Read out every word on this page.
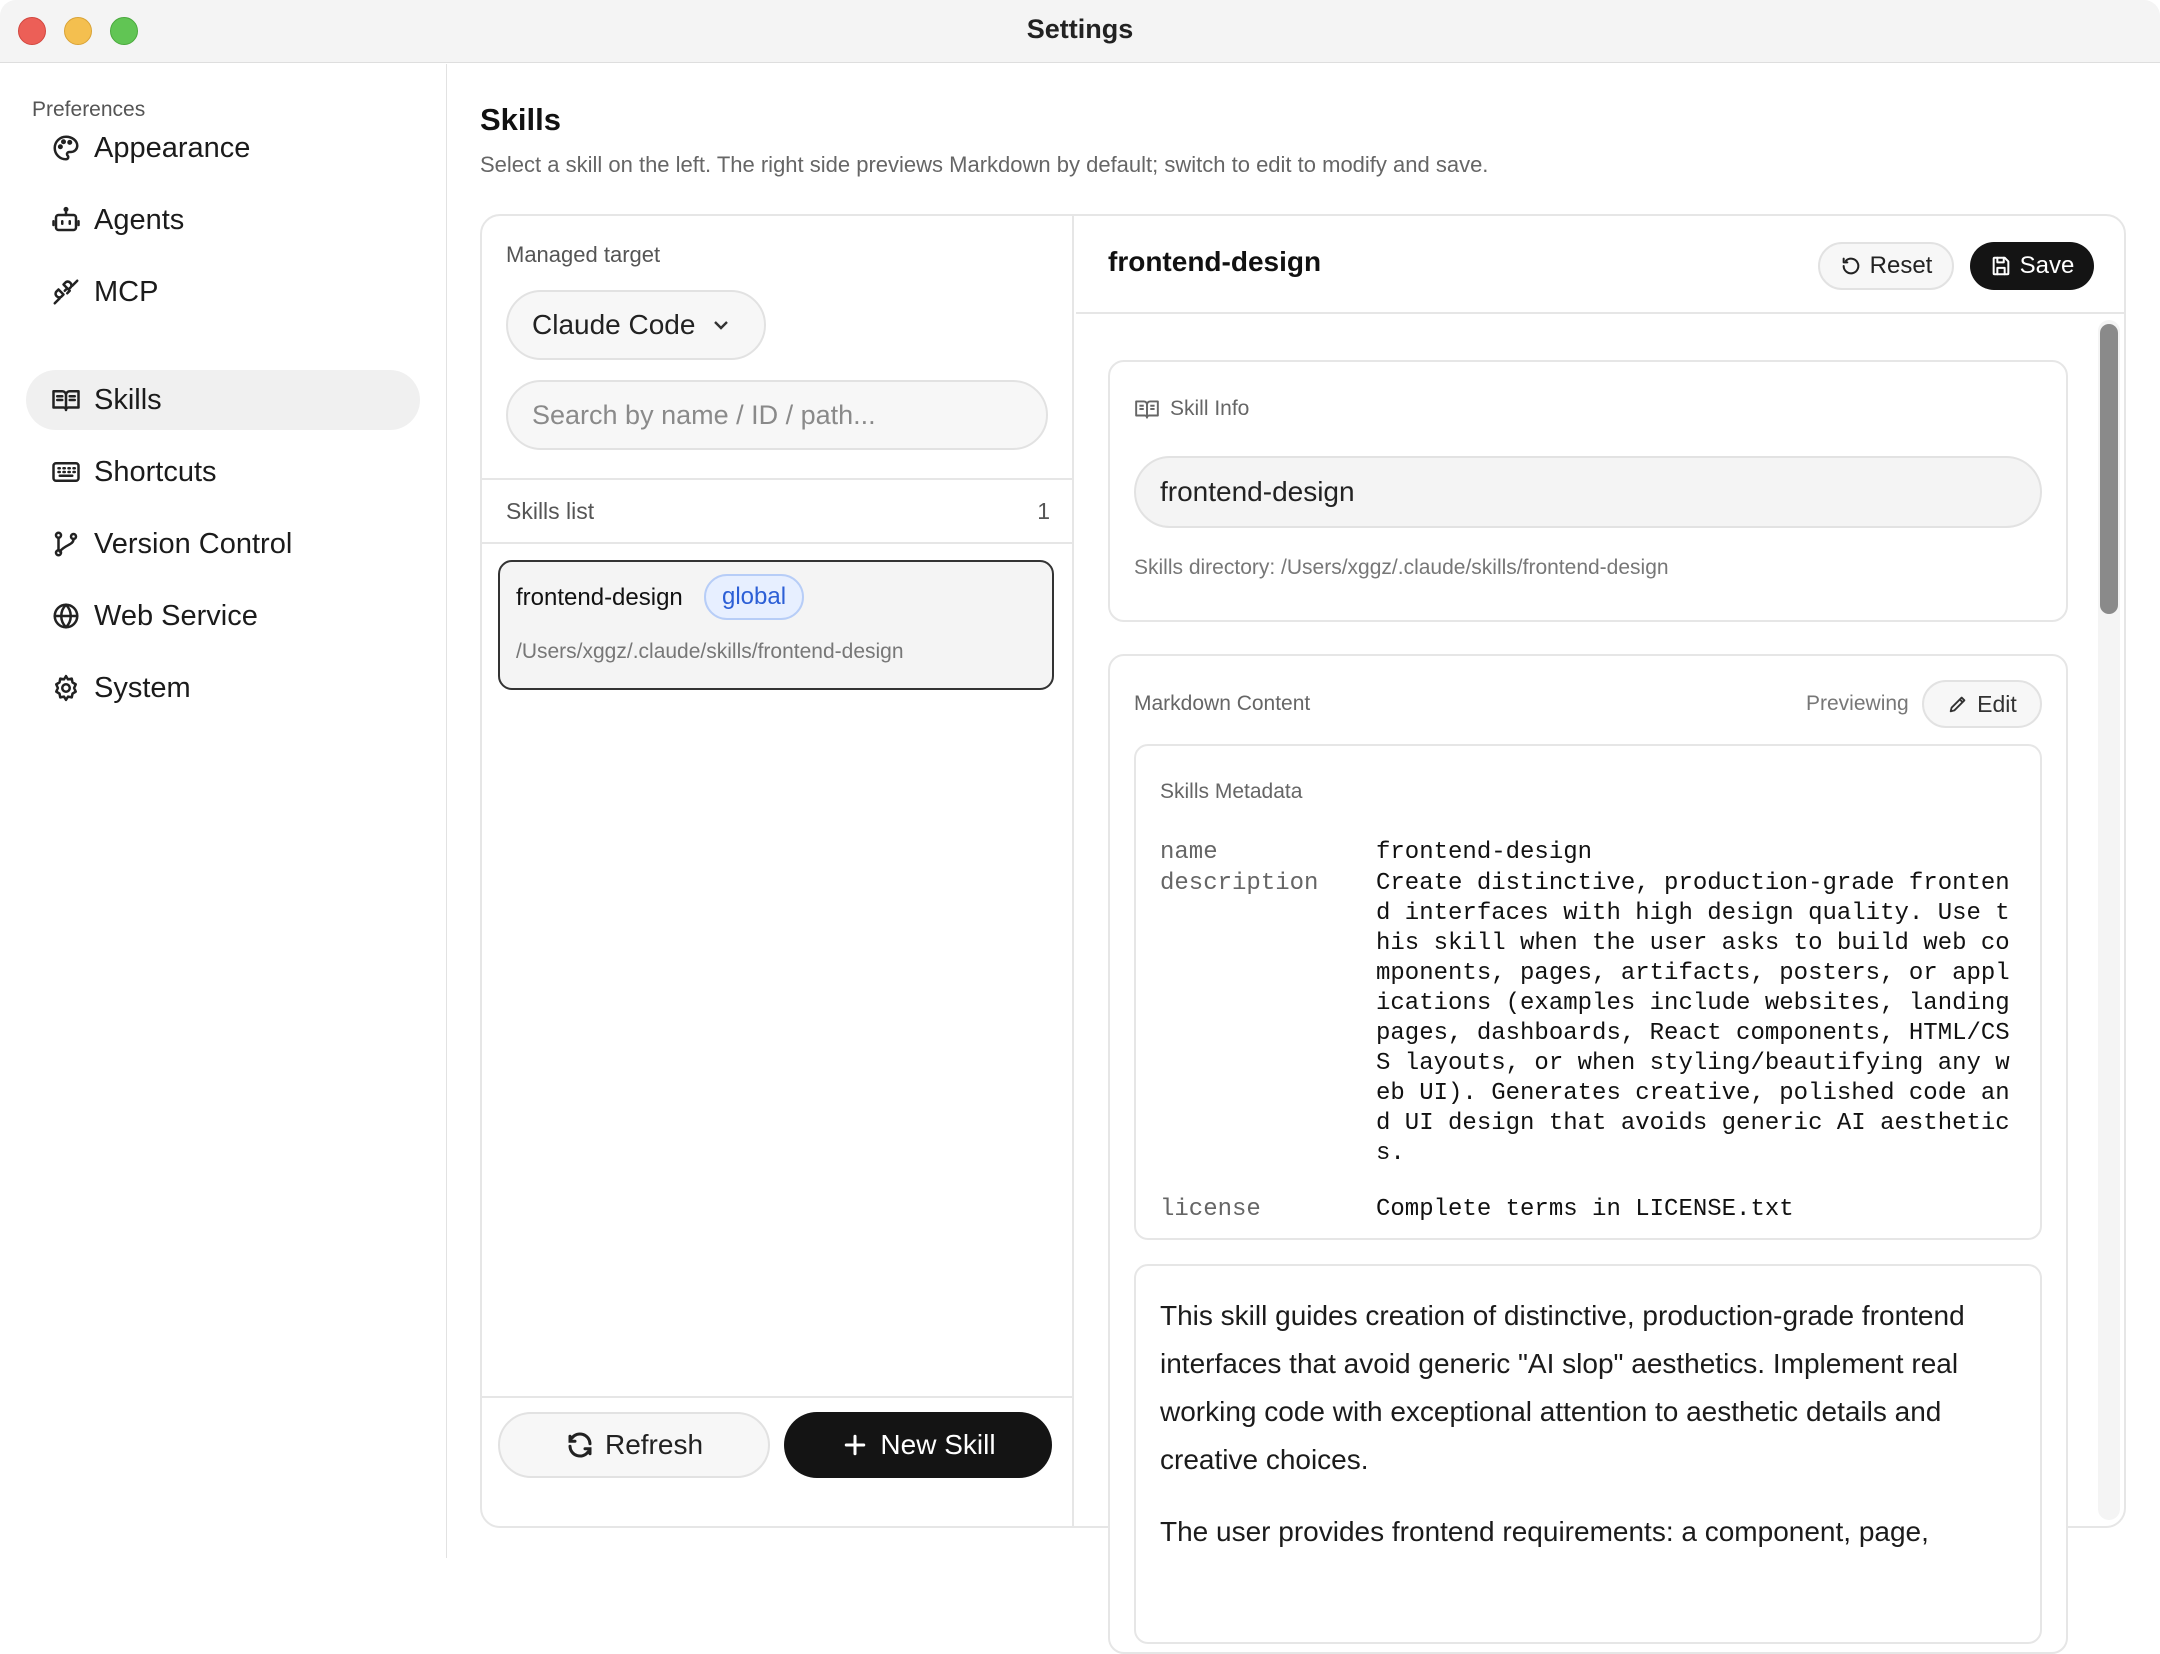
Settings
Preferences
Appearance
Agents
MCP
Skills
Shortcuts
Version Control
Web Service
System
Skills
Select a skill on the left. The right side previews Markdown by default; switch to edit to modify and save.
Managed target
Claude Code
Search by name / ID / path...
Skills list	1
frontend-design	global
/Users/xggz/.claude/skills/frontend-design
Refresh	New Skill
frontend-design	Reset	Save
Skill Info
frontend-design
Skills directory: /Users/xggz/.claude/skills/frontend-design
Markdown Content	Previewing	Edit
Skills Metadata
name	frontend-design
description	Create distinctive, production-grade frontend interfaces with high design quality. Use this skill when the user asks to build web components, pages, artifacts, posters, or applications (examples include websites, landing pages, dashboards, React components, HTML/CSS layouts, or when styling/beautifying any web UI). Generates creative, polished code and UI design that avoids generic AI aesthetics.
license	Complete terms in LICENSE.txt

This skill guides creation of distinctive, production-grade frontend interfaces that avoid generic "AI slop" aesthetics. Implement real working code with exceptional attention to aesthetic details and creative choices.

The user provides frontend requirements: a component, page,
